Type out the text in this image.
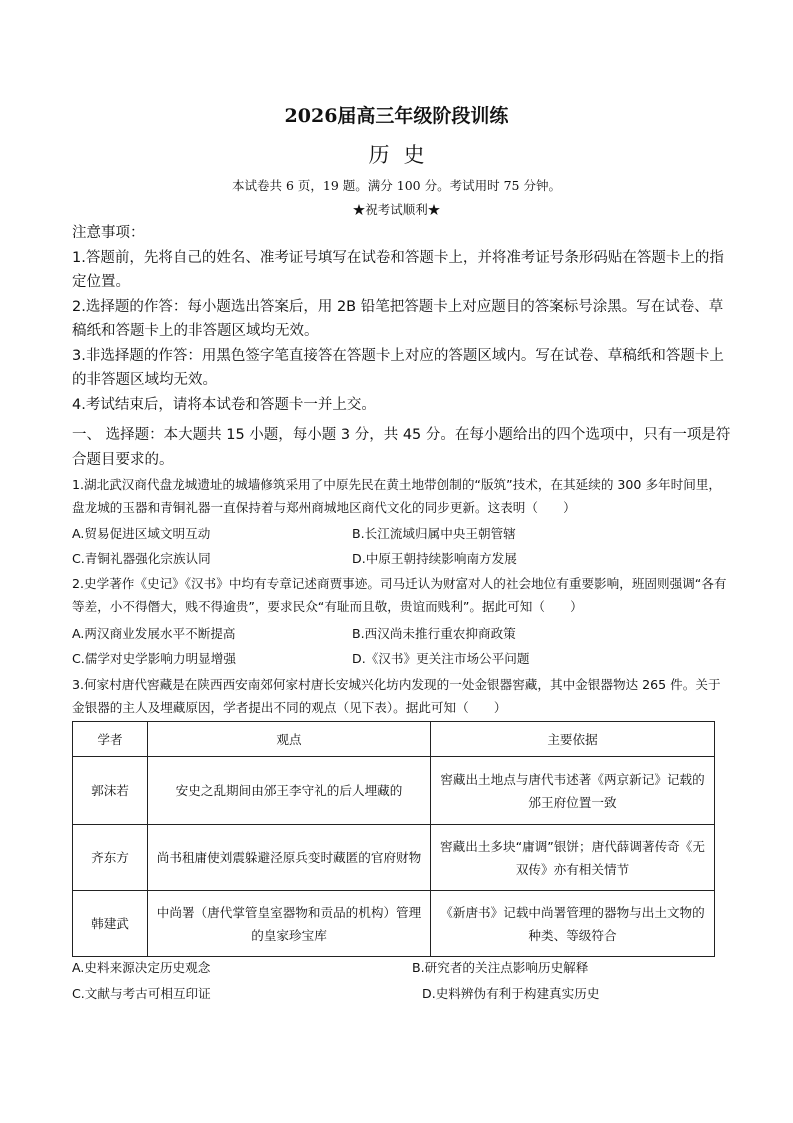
2026届高三年级阶段训练
历史
本试卷共 6 页，19 题。满分 100 分。考试用时 75 分钟。
★祝考试顺利★

注意事项：

1.答题前，先将自己的姓名、准考证号填写在试卷和答题卡上，并将准考证号条形码贴在答题卡上的指定位置。

2.选择题的作答：每小题选出答案后，用 2B 铅笔把答题卡上对应题目的答案标号涂黑。写在试卷、草稿纸和答题卡上的非答题区域均无效。

3.非选择题的作答：用黑色签字笔直接答在答题卡上对应的答题区域内。写在试卷、草稿纸和答题卡上的非答题区域均无效。

4.考试结束后，请将本试卷和答题卡一并上交。

一、 选择题：本大题共 15 小题，每小题 3 分，共 45 分。在每小题给出的四个选项中，只有一项是符合题目要求的。
1.湖北武汉商代盘龙城遗址的城墙修筑采用了中原先民在黄土地带创制的“版筑”技术，在其延续的 300 多年时间里，盘龙城的玉器和青铜礼器一直保持着与郑州商城地区商代文化的同步更新。这表明（　　）
A.贸易促进区域文明互动	B.长江流域归属中央王朝管辖
C.青铜礼器强化宗族认同	D.中原王朝持续影响南方发展
2.史学著作《史记》《汉书》中均有专章记述商贾事迹。司马迁认为财富对人的社会地位有重要影响，班固则强调“各有等差，小不得僭大，贱不得逾贵”，要求民众“有耻而且敬，贵谊而贱利”。据此可知（　　）
A.两汉商业发展水平不断提高	B.西汉尚未推行重农抑商政策
C.儒学对史学影响力明显增强	D.《汉书》更关注市场公平问题
3.何家村唐代窖藏是在陕西西安南郊何家村唐长安城兴化坊内发现的一处金银器窖藏，其中金银器物达 265 件。关于金银器的主人及埋藏原因，学者提出不同的观点（见下表）。据此可知（　　）
学者	观点	主要依据
郭沫若	安史之乱期间由邠王李守礼的后人埋藏的	窖藏出土地点与唐代韦述著《两京新记》记载的邠王府位置一致
齐东方	尚书租庸使刘震躲避泾原兵变时藏匿的官府财物	窖藏出土多块“庸调”银饼；唐代薛调著传奇《无双传》亦有相关情节
韩建武	中尚署（唐代掌管皇室器物和贡品的机构）管理的皇家珍宝库	《新唐书》记载中尚署管理的器物与出土文物的种类、等级符合
A.史料来源决定历史观念	B.研究者的关注点影响历史解释
C.文献与考古可相互印证	D.史料辨伪有利于构建真实历史
